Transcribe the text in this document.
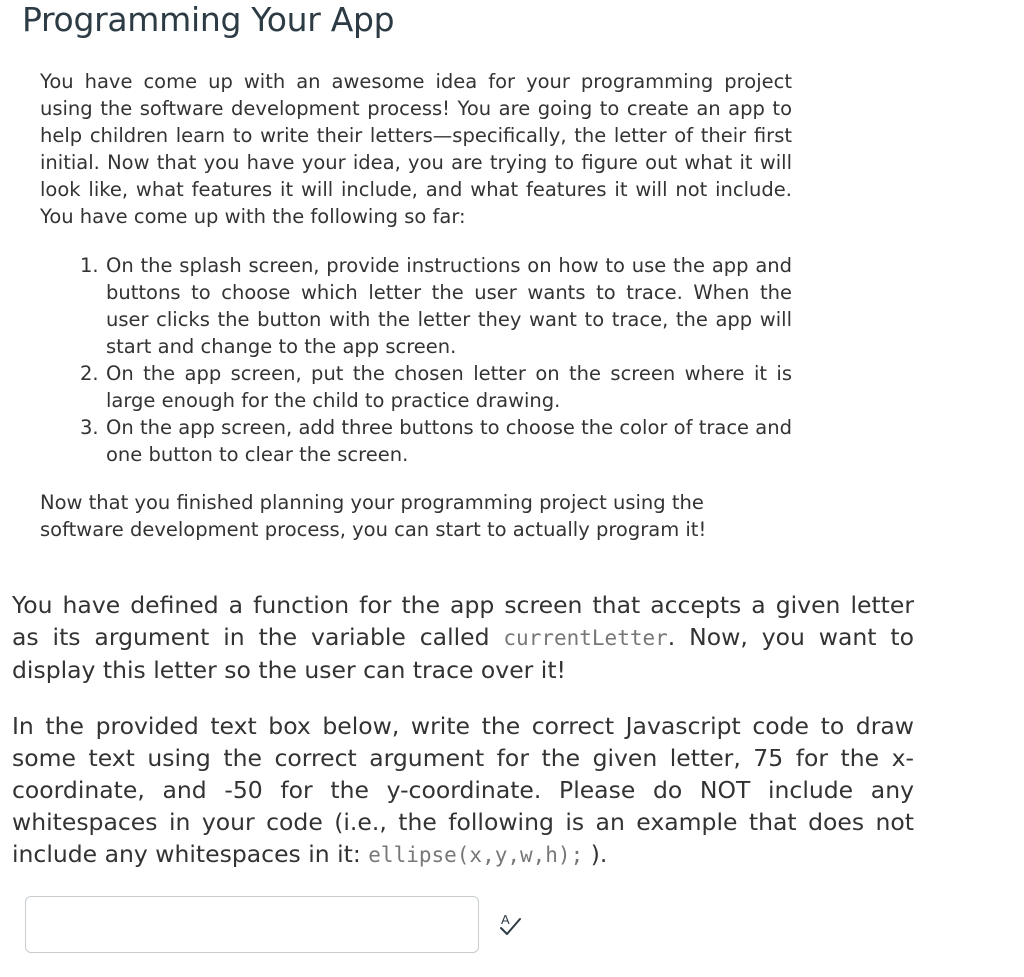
Programming Your App

You have come up with an awesome idea for your programming project using the software development process! You are going to create an app to help children learn to write their letters—specifically, the letter of their first initial. Now that you have your idea, you are trying to figure out what it will look like, what features it will include, and what features it will not include. You have come up with the following so far:

1. On the splash screen, provide instructions on how to use the app and buttons to choose which letter the user wants to trace. When the user clicks the button with the letter they want to trace, the app will start and change to the app screen.
2. On the app screen, put the chosen letter on the screen where it is large enough for the child to practice drawing.
3. On the app screen, add three buttons to choose the color of trace and one button to clear the screen.

Now that you finished planning your programming project using the software development process, you can start to actually program it!

You have defined a function for the app screen that accepts a given letter as its argument in the variable called currentLetter. Now, you want to display this letter so the user can trace over it!

In the provided text box below, write the correct Javascript code to draw some text using the correct argument for the given letter, 75 for the x-coordinate, and -50 for the y-coordinate. Please do NOT include any whitespaces in your code (i.e., the following is an example that does not include any whitespaces in it: ellipse(x,y,w,h); ).

A
